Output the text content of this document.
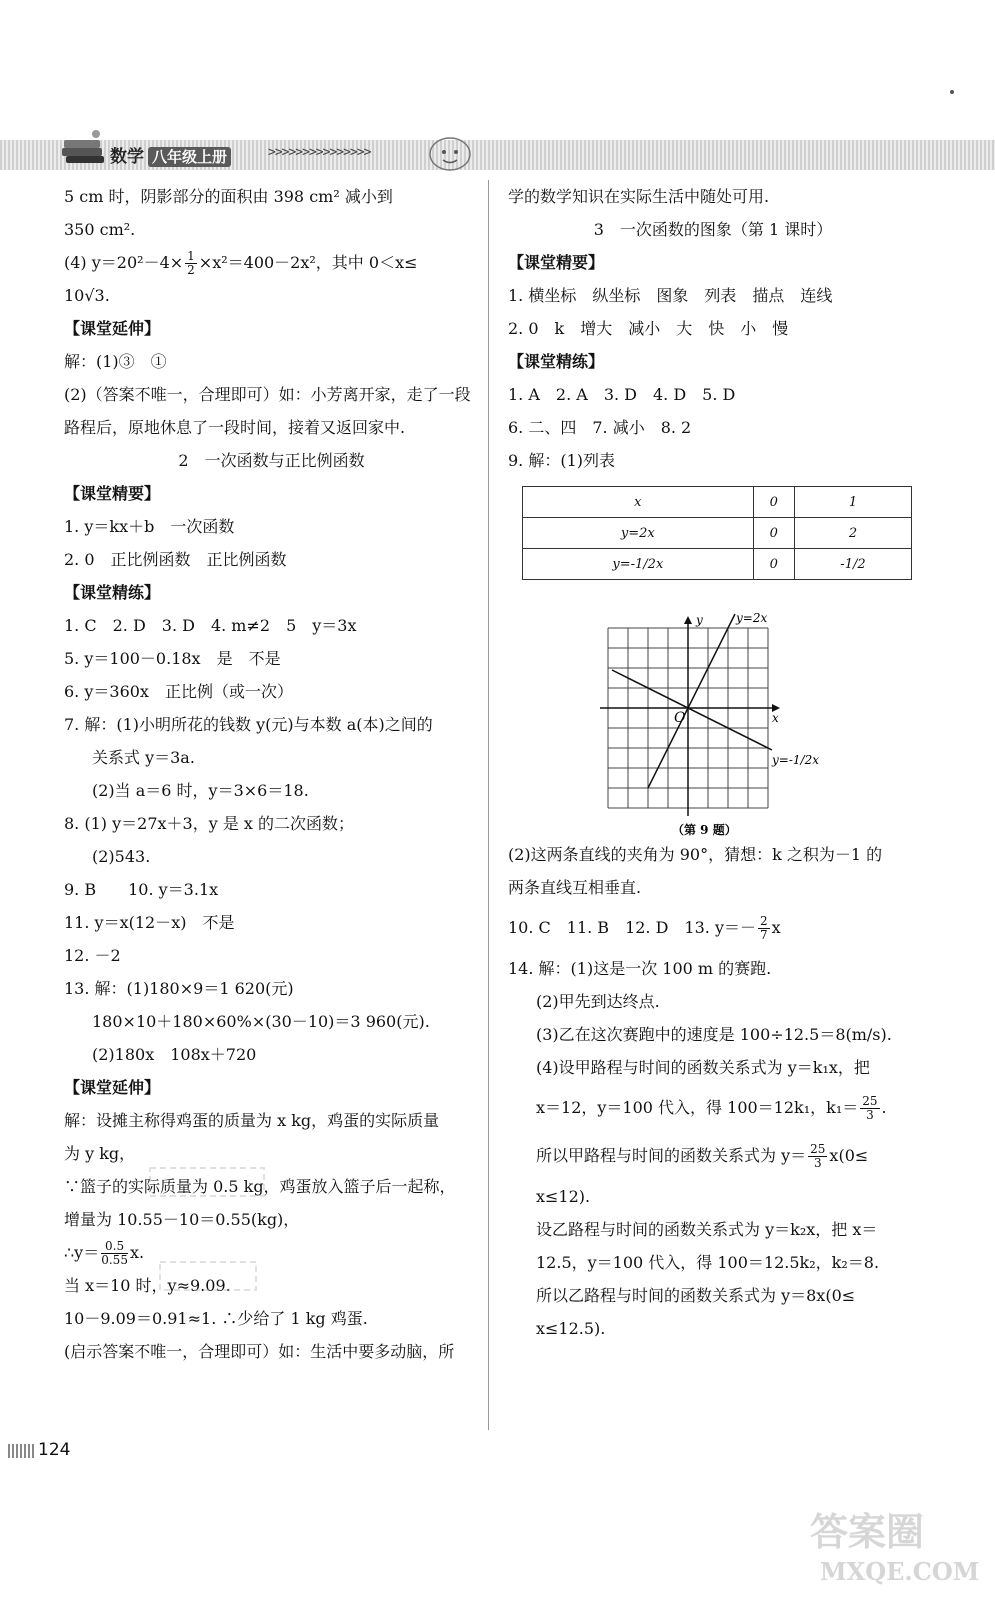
数学 八年级上册	>>>>>>>>>>>>>>>
5 cm 时，阴影部分的面积由 398 cm² 减小到
350 cm².
(4) $y=20^2-4\times \frac{1}{2} \times x^2=400-2x^2$，其中 0＜x≤
10√3.
【课堂延伸】
解：(1)③　①
(2)（答案不唯一，合理即可）如：小芳离开家，走了一段
路程后，原地休息了一段时间，接着又返回家中.
2　一次函数与正比例函数
【课堂精要】
1. y＝kx＋b　一次函数
2. 0　正比例函数　正比例函数
【课堂精练】
1. C　2. D　3. D　4. m≠2　5　y＝3x
5. y＝100－0.18x　是　不是
6. y＝360x　正比例（或一次）
7. 解：(1)小明所花的钱数 y(元)与本数 a(本)之间的
关系式 y＝3a.
(2)当 a＝6 时，y＝3×6＝18.
8. (1) y＝27x＋3，y 是 x 的二次函数；
(2)543.
9. B　　10. y＝3.1x
11. y＝x(12－x)　不是
12. －2
13. 解：(1)180×9＝1 620(元)
180×10＋180×60%×(30－10)＝3 960(元).
(2)180x　108x＋720
【课堂延伸】
解：设摊主称得鸡蛋的质量为 x kg，鸡蛋的实际质量
为 y kg，
∵篮子的实际质量为 0.5 kg，鸡蛋放入篮子后一起称，
增量为 10.55－10＝0.55(kg)，
∴y＝ $\frac{0.5}{0.55} x$.
当 x＝10 时，y≈9.09.
10－9.09＝0.91≈1. ∴少给了 1 kg 鸡蛋.
(启示答案不唯一，合理即可）如：生活中要多动脑，所
学的数学知识在实际生活中随处可用.
3　一次函数的图象（第 1 课时）
【课堂精要】
1. 横坐标　纵坐标　图象　列表　描点　连线
2. 0　k　增大　减小　大　快　小　慢
【课堂精练】
1. A　2. A　3. D　4. D　5. D
6. 二、四　7. 减小　8. 2
9. 解：(1)列表
x	0	1
y=2x	0	2
y=-1/2x	0	-1/2
y
x
O
y=2x
y=-1/2x
（第 9 题）
(2)这两条直线的夹角为 90°，猜想：k 之积为－1 的
两条直线互相垂直.
10. C　11. B　12. D　13. $y=- \frac{2}{7}$ x
14. 解：(1)这是一次 100 m 的赛跑.
(2)甲先到达终点.
(3)乙在这次赛跑中的速度是 100÷12.5＝8(m/s).
(4)设甲路程与时间的函数关系式为 y＝k₁x，把
x＝12，y＝100 代入，得 100＝12k₁，$k_1= \frac{25}{3}$ .
所以甲路程与时间的函数关系式为 $y= \frac{25}{3} x(0\le$
x≤12).
设乙路程与时间的函数关系式为 y＝k₂x，把 x＝
12.5，y＝100 代入，得 100＝12.5k₂，k₂＝8.
所以乙路程与时间的函数关系式为 y＝8x(0≤
x≤12.5).
124
答案圈
MXQE.COM
